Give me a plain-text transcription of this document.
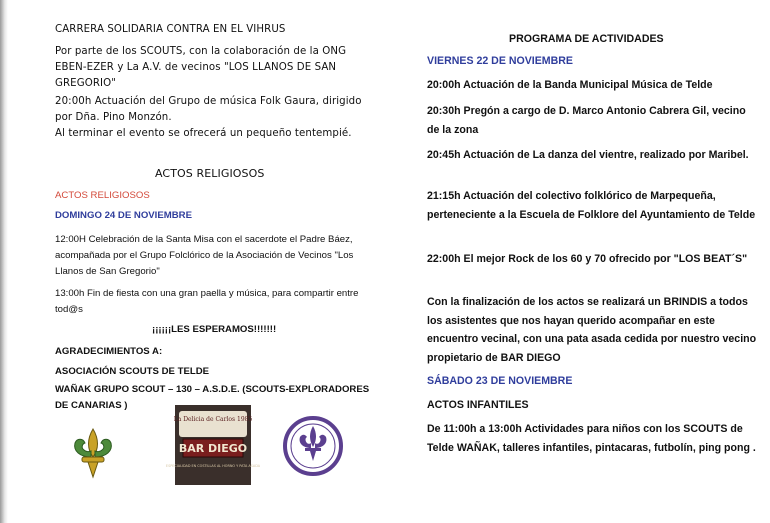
CARRERA SOLIDARIA CONTRA EN EL VIHRUS

Por parte de los SCOUTS, con la colaboración de la ONG EBEN-EZER y La A.V. de vecinos "LOS LLANOS DE SAN GREGORIO"

20:00h Actuación del Grupo de música Folk Gaura, dirigido por Dña. Pino Monzón.

Al terminar el evento se ofrecerá un pequeño tentempié.

ACTOS RELIGIOSOS

ACTOS RELIGIOSOS

DOMINGO 24 DE NOVIEMBRE

12:00H Celebración de la Santa Misa con el sacerdote el Padre Báez, acompañada por el Grupo Folclórico de la Asociación de Vecinos "Los Llanos de San Gregorio"

13:00h Fin de fiesta con una gran paella y música, para compartir entre tod@s

¡¡¡¡¡¡LES ESPERAMOS!!!!!!!

AGRADECIMIENTOS A:

ASOCIACIÓN SCOUTS DE TELDE

WAÑAK GRUPO SCOUT – 130 – A.S.D.E. (SCOUTS-EXPLORADORES DE CANARIAS )

La Delicia de Carlos 1985
BAR DIEGO
ESPECIALIDAD EN COSTILLAS AL HORNO Y PATA ASADA

PROGRAMA DE ACTIVIDADES

VIERNES 22 DE NOVIEMBRE

20:00h Actuación de la Banda Municipal Música de Telde

20:30h Pregón a cargo de D. Marco Antonio Cabrera Gil, vecino de la zona

20:45h Actuación de La danza del vientre, realizado por Maribel.

21:15h Actuación del colectivo folklórico de Marpequeña, perteneciente a la Escuela de Folklore del Ayuntamiento de Telde

22:00h El mejor Rock de los 60 y 70 ofrecido por "LOS BEAT´S"

Con la finalización de los actos se realizará un BRINDIS a todos los asistentes que nos hayan querido acompañar en este encuentro vecinal, con una pata asada cedida por nuestro vecino propietario de BAR DIEGO

SÁBADO 23 DE NOVIEMBRE

ACTOS INFANTILES

De 11:00h a 13:00h Actividades para niños con los SCOUTS de Telde WAÑAK, talleres infantiles, pintacaras, futbolín, ping pong .
